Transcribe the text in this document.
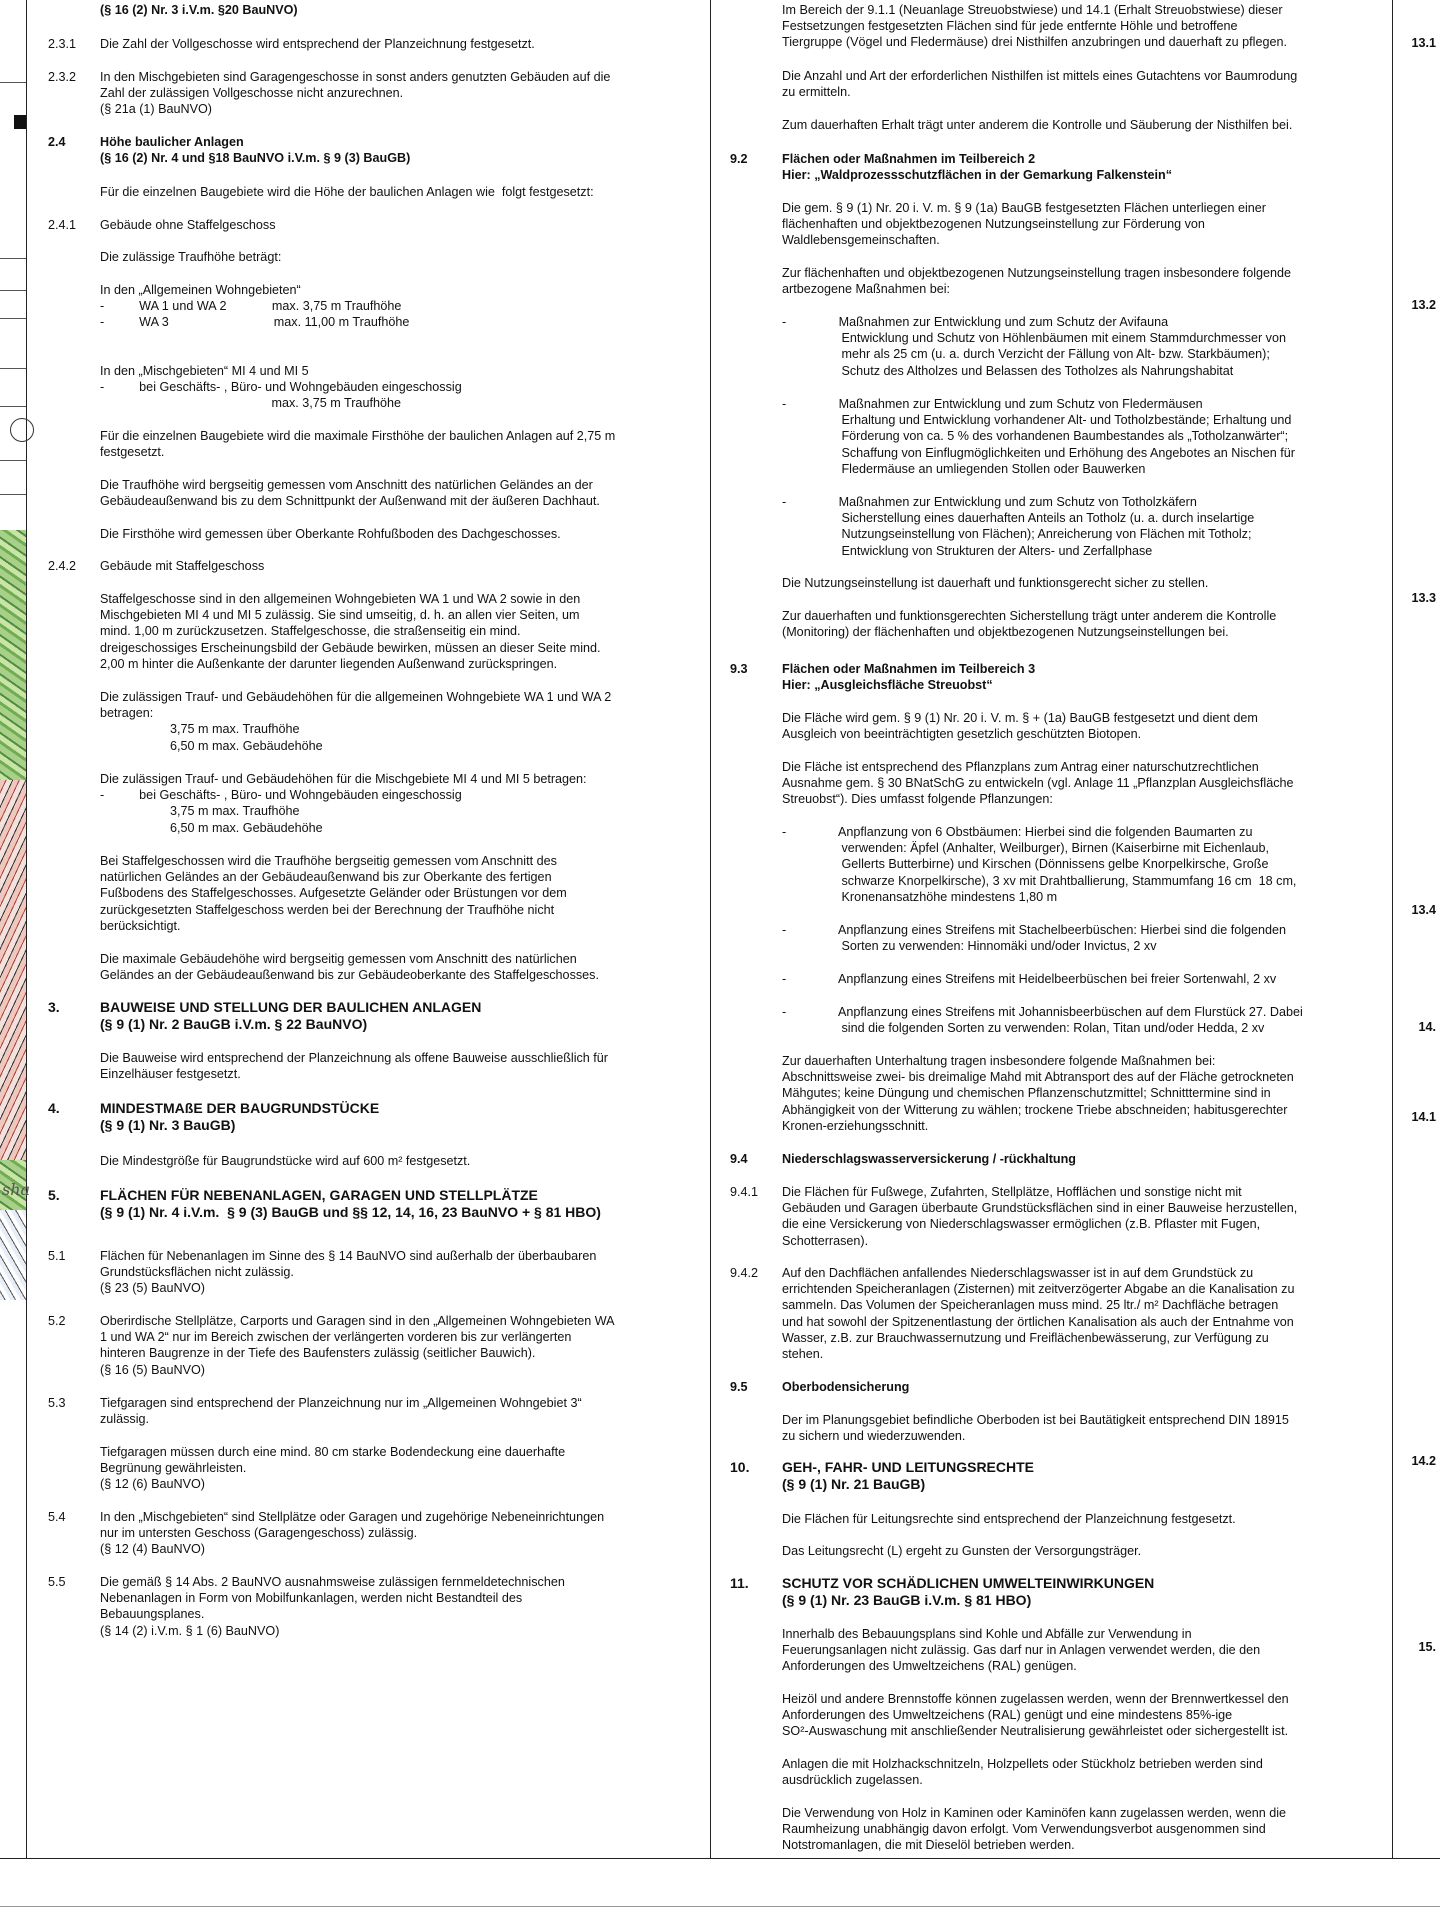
sha

(§ 16 (2) Nr. 3 i.V.m. §20 BauNVO)

2.3.1	Die Zahl der Vollgeschosse wird entsprechend der Planzeichnung festgesetzt.

2.3.2	In den Mischgebieten sind Garagengeschosse in sonst anders genutzten Gebäuden auf die
Zahl der zulässigen Vollgeschosse nicht anzurechnen.
(§ 21a (1) BauNVO)

2.4	Höhe baulicher Anlagen
(§ 16 (2) Nr. 4 und §18 BauNVO i.V.m. § 9 (3) BauGB)

Für die einzelnen Baugebiete wird die Höhe der baulichen Anlagen wie  folgt festgesetzt:

2.4.1	Gebäude ohne Staffelgeschoss

Die zulässige Traufhöhe beträgt:

In den „Allgemeinen Wohngebieten“
-          WA 1 und WA 2             max. 3,75 m Traufhöhe
-          WA 3                              max. 11,00 m Traufhöhe

In den „Mischgebieten“ MI 4 und MI 5
-          bei Geschäfts- , Büro- und Wohngebäuden eingeschossig
max. 3,75 m Traufhöhe

Für die einzelnen Baugebiete wird die maximale Firsthöhe der baulichen Anlagen auf 2,75 m
festgesetzt.

Die Traufhöhe wird bergseitig gemessen vom Anschnitt des natürlichen Geländes an der
Gebäudeaußenwand bis zu dem Schnittpunkt der Außenwand mit der äußeren Dachhaut.

Die Firsthöhe wird gemessen über Oberkante Rohfußboden des Dachgeschosses.

2.4.2	Gebäude mit Staffelgeschoss

Staffelgeschosse sind in den allgemeinen Wohngebieten WA 1 und WA 2 sowie in den
Mischgebieten MI 4 und MI 5 zulässig. Sie sind umseitig, d. h. an allen vier Seiten, um
mind. 1,00 m zurückzusetzen. Staffelgeschosse, die straßenseitig ein mind.
dreigeschossiges Erscheinungsbild der Gebäude bewirken, müssen an dieser Seite mind.
2,00 m hinter die Außenkante der darunter liegenden Außenwand zurückspringen.

Die zulässigen Trauf- und Gebäudehöhen für die allgemeinen Wohngebiete WA 1 und WA 2
betragen:
3,75 m max. Traufhöhe
6,50 m max. Gebäudehöhe

Die zulässigen Trauf- und Gebäudehöhen für die Mischgebiete MI 4 und MI 5 betragen:
-          bei Geschäfts- , Büro- und Wohngebäuden eingeschossig
3,75 m max. Traufhöhe
6,50 m max. Gebäudehöhe

Bei Staffelgeschossen wird die Traufhöhe bergseitig gemessen vom Anschnitt des
natürlichen Geländes an der Gebäudeaußenwand bis zur Oberkante des fertigen
Fußbodens des Staffelgeschosses. Aufgesetzte Geländer oder Brüstungen vor dem
zurückgesetzten Staffelgeschoss werden bei der Berechnung der Traufhöhe nicht
berücksichtigt.

Die maximale Gebäudehöhe wird bergseitig gemessen vom Anschnitt des natürlichen
Geländes an der Gebäudeaußenwand bis zur Gebäudeoberkante des Staffelgeschosses.

3.	BAUWEISE UND STELLUNG DER BAULICHEN ANLAGEN
(§ 9 (1) Nr. 2 BauGB i.V.m. § 22 BauNVO)

Die Bauweise wird entsprechend der Planzeichnung als offene Bauweise ausschließlich für
Einzelhäuser festgesetzt.

4.	MINDESTMAßE DER BAUGRUNDSTÜCKE
(§ 9 (1) Nr. 3 BauGB)

Die Mindestgröße für Baugrundstücke wird auf 600 m² festgesetzt.

5.	FLÄCHEN FÜR NEBENANLAGEN, GARAGEN UND STELLPLÄTZE
(§ 9 (1) Nr. 4 i.V.m.  § 9 (3) BauGB und §§ 12, 14, 16, 23 BauNVO + § 81 HBO)

5.1	Flächen für Nebenanlagen im Sinne des § 14 BauNVO sind außerhalb der überbaubaren
Grundstücksflächen nicht zulässig.
(§ 23 (5) BauNVO)

5.2	Oberirdische Stellplätze, Carports und Garagen sind in den „Allgemeinen Wohngebieten WA
1 und WA 2“ nur im Bereich zwischen der verlängerten vorderen bis zur verlängerten
hinteren Baugrenze in der Tiefe des Baufensters zulässig (seitlicher Bauwich).
(§ 16 (5) BauNVO)

5.3	Tiefgaragen sind entsprechend der Planzeichnung nur im „Allgemeinen Wohngebiet 3“
zulässig.

Tiefgaragen müssen durch eine mind. 80 cm starke Bodendeckung eine dauerhafte
Begrünung gewährleisten.
(§ 12 (6) BauNVO)

5.4	In den „Mischgebieten“ sind Stellplätze oder Garagen und zugehörige Nebeneinrichtungen
nur im untersten Geschoss (Garagengeschoss) zulässig.
(§ 12 (4) BauNVO)

5.5	Die gemäß § 14 Abs. 2 BauNVO ausnahmsweise zulässigen fernmeldetechnischen
Nebenanlagen in Form von Mobilfunkanlagen, werden nicht Bestandteil des
Bebauungsplanes.
(§ 14 (2) i.V.m. § 1 (6) BauNVO)

Im Bereich der 9.1.1 (Neuanlage Streuobstwiese) und 14.1 (Erhalt Streuobstwiese) dieser
Festsetzungen festgesetzten Flächen sind für jede entfernte Höhle und betroffene
Tiergruppe (Vögel und Fledermäuse) drei Nisthilfen anzubringen und dauerhaft zu pflegen.

Die Anzahl und Art der erforderlichen Nisthilfen ist mittels eines Gutachtens vor Baumrodung
zu ermitteln.

Zum dauerhaften Erhalt trägt unter anderem die Kontrolle und Säuberung der Nisthilfen bei.

9.2	Flächen oder Maßnahmen im Teilbereich 2
Hier: „Waldprozessschutzflächen in der Gemarkung Falkenstein“

Die gem. § 9 (1) Nr. 20 i. V. m. § 9 (1a) BauGB festgesetzten Flächen unterliegen einer
flächenhaften und objektbezogenen Nutzungseinstellung zur Förderung von
Waldlebensgemeinschaften.

Zur flächenhaften und objektbezogenen Nutzungseinstellung tragen insbesondere folgende
artbezogene Maßnahmen bei:

-               Maßnahmen zur Entwicklung und zum Schutz der Avifauna
Entwicklung und Schutz von Höhlenbäumen mit einem Stammdurchmesser von
mehr als 25 cm (u. a. durch Verzicht der Fällung von Alt- bzw. Starkbäumen);
Schutz des Altholzes und Belassen des Totholzes als Nahrungshabitat

-               Maßnahmen zur Entwicklung und zum Schutz von Fledermäusen
Erhaltung und Entwicklung vorhandener Alt- und Totholzbestände; Erhaltung und
Förderung von ca. 5 % des vorhandenen Baumbestandes als „Totholzanwärter“;
Schaffung von Einflugmöglichkeiten und Erhöhung des Angebotes an Nischen für
Fledermäuse an umliegenden Stollen oder Bauwerken

-               Maßnahmen zur Entwicklung und zum Schutz von Totholzkäfern
Sicherstellung eines dauerhaften Anteils an Totholz (u. a. durch inselartige
Nutzungseinstellung von Flächen); Anreicherung von Flächen mit Totholz;
Entwicklung von Strukturen der Alters- und Zerfallphase

Die Nutzungseinstellung ist dauerhaft und funktionsgerecht sicher zu stellen.

Zur dauerhaften und funktionsgerechten Sicherstellung trägt unter anderem die Kontrolle
(Monitoring) der flächenhaften und objektbezogenen Nutzungseinstellungen bei.

9.3	Flächen oder Maßnahmen im Teilbereich 3
Hier: „Ausgleichsfläche Streuobst“

Die Fläche wird gem. § 9 (1) Nr. 20 i. V. m. § + (1a) BauGB festgesetzt und dient dem
Ausgleich von beeinträchtigten gesetzlich geschützten Biotopen.

Die Fläche ist entsprechend des Pflanzplans zum Antrag einer naturschutzrechtlichen
Ausnahme gem. § 30 BNatSchG zu entwickeln (vgl. Anlage 11 „Pflanzplan Ausgleichsfläche
Streuobst“). Dies umfasst folgende Pflanzungen:

-               Anpflanzung von 6 Obstbäumen: Hierbei sind die folgenden Baumarten zu
verwenden: Äpfel (Anhalter, Weilburger), Birnen (Kaiserbirne mit Eichenlaub,
Gellerts Butterbirne) und Kirschen (Dönnissens gelbe Knorpelkirsche, Große
schwarze Knorpelkirsche), 3 xv mit Drahtballierung, Stammumfang 16 cm  18 cm,
Kronenansatzhöhe mindestens 1,80 m

-               Anpflanzung eines Streifens mit Stachelbeerbüschen: Hierbei sind die folgenden
Sorten zu verwenden: Hinnomäki und/oder Invictus, 2 xv

-               Anpflanzung eines Streifens mit Heidelbeerbüschen bei freier Sortenwahl, 2 xv

-               Anpflanzung eines Streifens mit Johannisbeerbüschen auf dem Flurstück 27. Dabei
sind die folgenden Sorten zu verwenden: Rolan, Titan und/oder Hedda, 2 xv

Zur dauerhaften Unterhaltung tragen insbesondere folgende Maßnahmen bei:
Abschnittsweise zwei- bis dreimalige Mahd mit Abtransport des auf der Fläche getrockneten
Mähgutes; keine Düngung und chemischen Pflanzenschutzmittel; Schnitttermine sind in
Abhängigkeit von der Witterung zu wählen; trockene Triebe abschneiden; habitusgerechter
Kronen-erziehungsschnitt.

9.4	Niederschlagswasserversickerung / -rückhaltung

9.4.1	Die Flächen für Fußwege, Zufahrten, Stellplätze, Hofflächen und sonstige nicht mit
Gebäuden und Garagen überbaute Grundstücksflächen sind in einer Bauweise herzustellen,
die eine Versickerung von Niederschlagswasser ermöglichen (z.B. Pflaster mit Fugen,
Schotterrasen).

9.4.2	Auf den Dachflächen anfallendes Niederschlagswasser ist in auf dem Grundstück zu
errichtenden Speicheranlagen (Zisternen) mit zeitverzögerter Abgabe an die Kanalisation zu
sammeln. Das Volumen der Speicheranlagen muss mind. 25 ltr./ m² Dachfläche betragen
und hat sowohl der Spitzenentlastung der örtlichen Kanalisation als auch der Entnahme von
Wasser, z.B. zur Brauchwassernutzung und Freiflächenbewässerung, zur Verfügung zu
stehen.

9.5	Oberbodensicherung

Der im Planungsgebiet befindliche Oberboden ist bei Bautätigkeit entsprechend DIN 18915
zu sichern und wiederzuwenden.

10.	GEH-, FAHR- UND LEITUNGSRECHTE
(§ 9 (1) Nr. 21 BauGB)

Die Flächen für Leitungsrechte sind entsprechend der Planzeichnung festgesetzt.

Das Leitungsrecht (L) ergeht zu Gunsten der Versorgungsträger.

11.	SCHUTZ VOR SCHÄDLICHEN UMWELTEINWIRKUNGEN
(§ 9 (1) Nr. 23 BauGB i.V.m. § 81 HBO)

Innerhalb des Bebauungsplans sind Kohle und Abfälle zur Verwendung in
Feuerungsanlagen nicht zulässig. Gas darf nur in Anlagen verwendet werden, die den
Anforderungen des Umweltzeichens (RAL) genügen.

Heizöl und andere Brennstoffe können zugelassen werden, wenn der Brennwertkessel den
Anforderungen des Umweltzeichens (RAL) genügt und eine mindestens 85%-ige
SO²-Auswaschung mit anschließender Neutralisierung gewährleistet oder sichergestellt ist.

Anlagen die mit Holzhackschnitzeln, Holzpellets oder Stückholz betrieben werden sind
ausdrücklich zugelassen.

Die Verwendung von Holz in Kaminen oder Kaminöfen kann zugelassen werden, wenn die
Raumheizung unabhängig davon erfolgt. Vom Verwendungsverbot ausgenommen sind
Notstromanlagen, die mit Dieselöl betrieben werden.

13.1
13.2
13.3
13.4
14.
14.1
14.2
15.
